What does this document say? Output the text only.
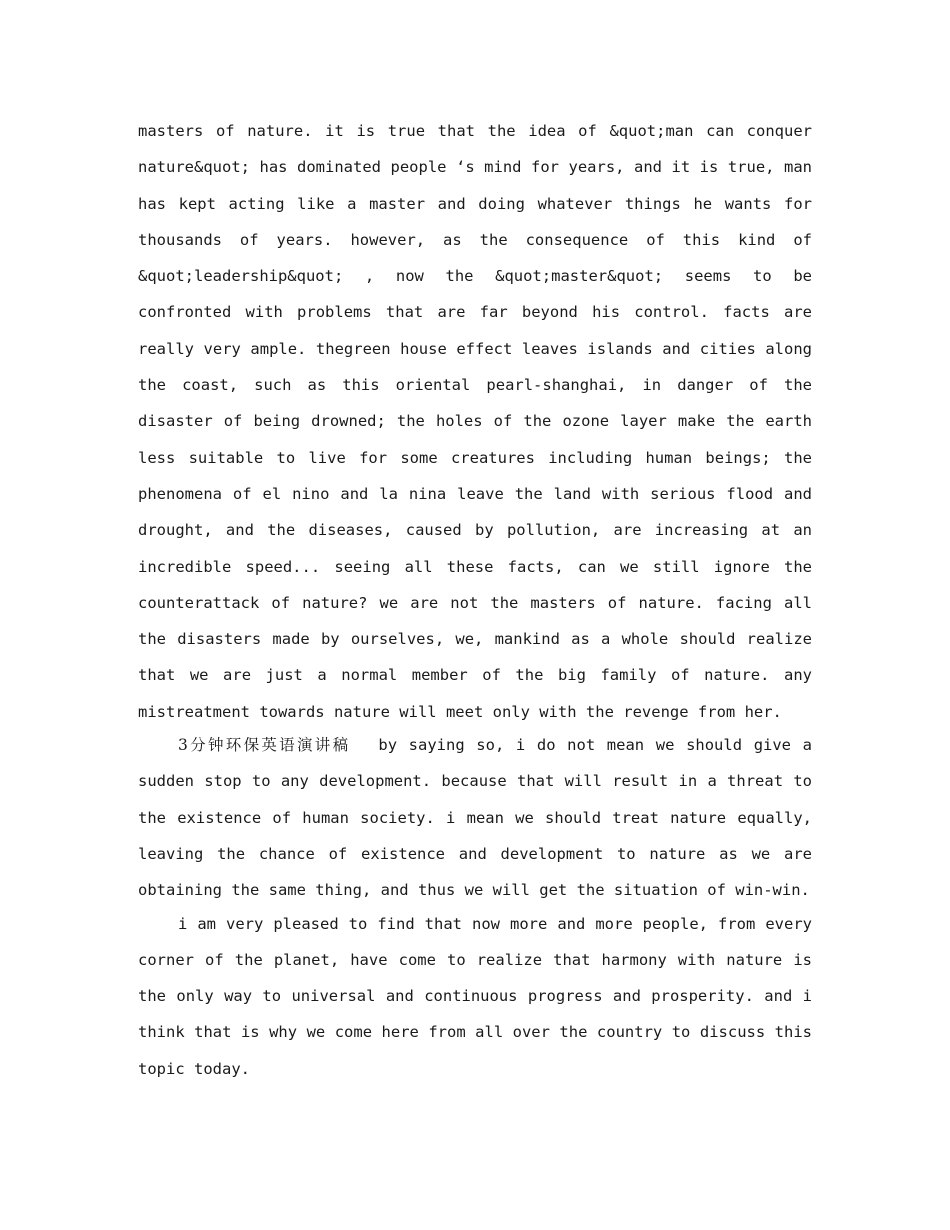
masters of nature. it is true that the idea of &quot;man can conquer nature&quot; has dominated people ‘s mind for years, and it is true, man has kept acting like a master and doing whatever things he wants for thousands of years. however, as the consequence of this kind of &quot;leadership&quot; , now the &quot;master&quot; seems to be confronted with problems that are far beyond his control. facts are really very ample. thegreen house effect leaves islands and cities along the coast, such as this oriental pearl-shanghai, in danger of the disaster of being drowned; the holes of the ozone layer make the earth less suitable to live for some creatures including human beings; the phenomena of el nino and la nina leave the land with serious flood and drought, and the diseases, caused by pollution, are increasing at an incredible speed... seeing all these facts, can we still ignore the counterattack of nature? we are not the masters of nature. facing all the disasters made by ourselves, we, mankind as a whole should realize that we are just a normal member of the big family of nature. any mistreatment towards nature will meet only with the revenge from her.

3分钟环保英语演讲稿 by saying so, i do not mean we should give a sudden stop to any development. because that will result in a threat to the existence of human society. i mean we should treat nature equally, leaving the chance of existence and development to nature as we are obtaining the same thing, and thus we will get the situation of win-win.

i am very pleased to find that now more and more people, from every corner of the planet, have come to realize that harmony with nature is the only way to universal and continuous progress and prosperity. and i think that is why we come here from all over the country to discuss this topic today.
